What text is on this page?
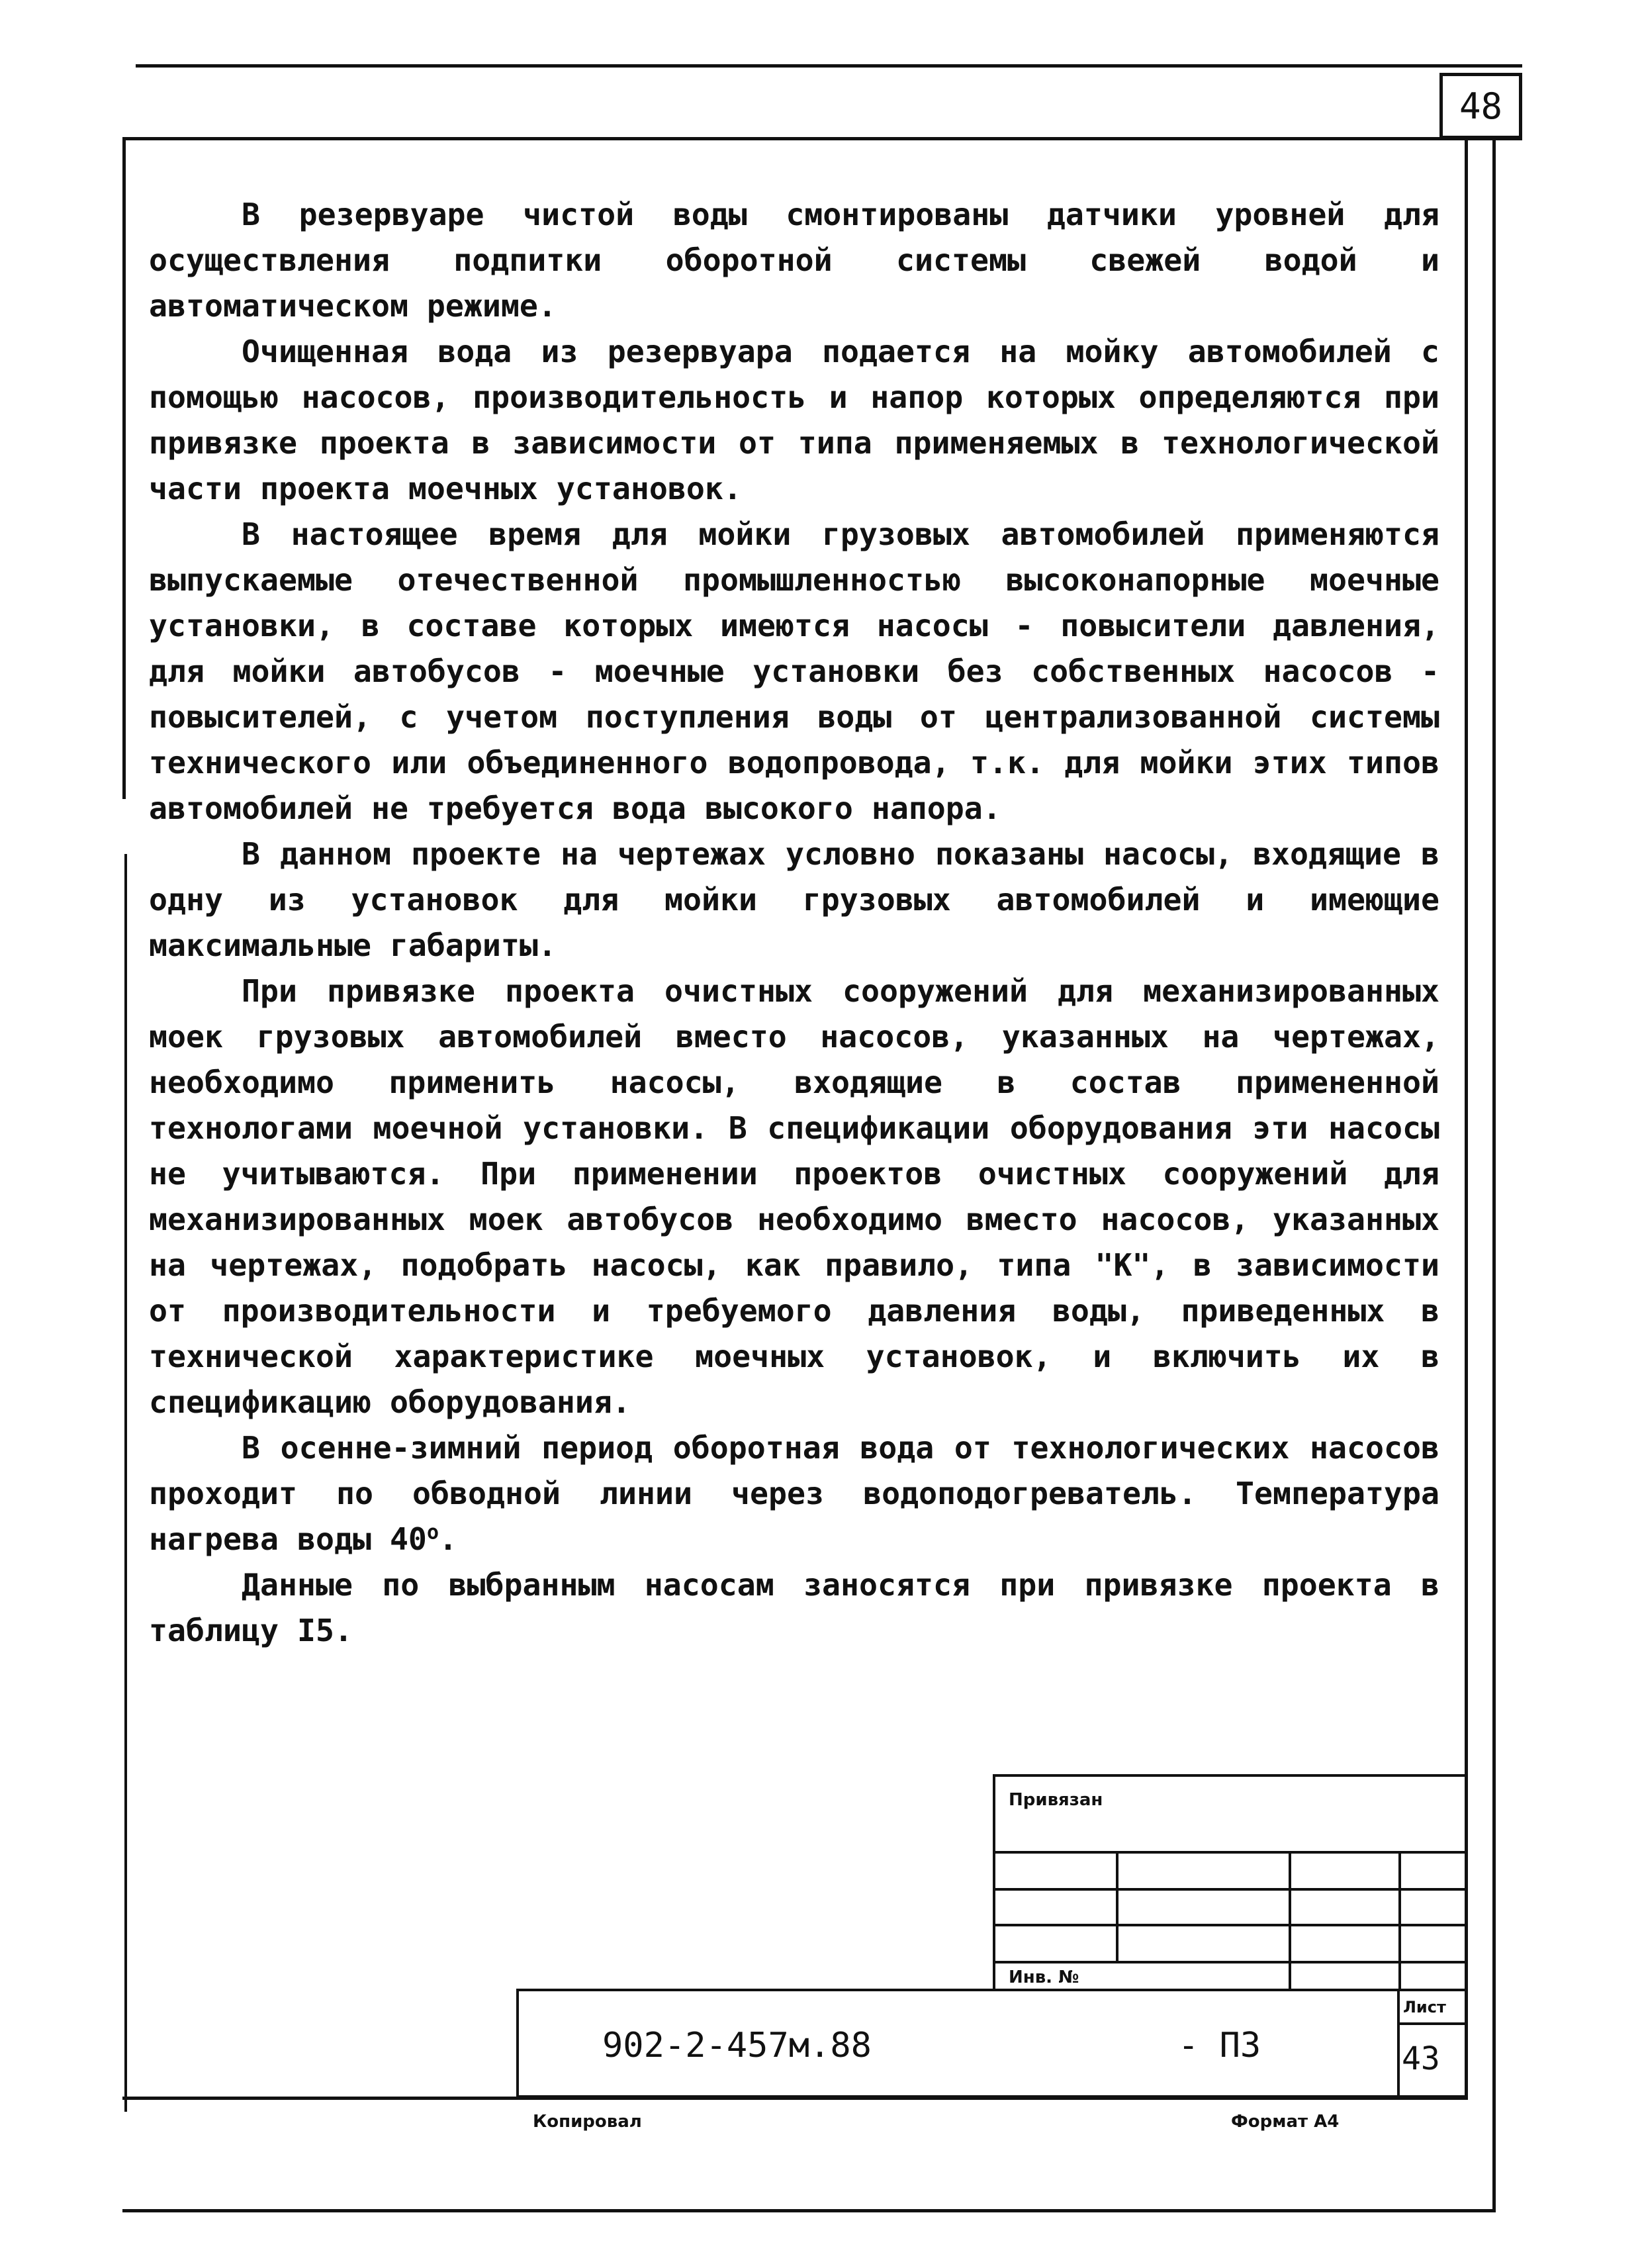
48

В резервуаре чистой воды смонтированы датчики уровней для осуществления подпитки оборотной системы свежей водой и автоматическом режиме.

Очищенная вода из резервуара подается на мойку автомобилей с помощью насосов, производительность и напор которых определяются при привязке проекта в зависимости от типа применяемых в технологической части проекта моечных установок.

В настоящее время для мойки грузовых автомобилей применяются выпускаемые отечественной промышленностью высоконапорные моечные установки, в составе которых имеются насосы - повысители давления, для мойки автобусов - моечные установки без собственных насосов - повысителей, с учетом поступления воды от централизованной системы технического или объединенного водопровода, т.к. для мойки этих типов автомобилей не требуется вода высокого напора.

В данном проекте на чертежах условно показаны насосы, входящие в одну из установок для мойки грузовых автомобилей и имеющие максимальные габариты.

При привязке проекта очистных сооружений для механизированных моек грузовых автомобилей вместо насосов, указанных на чертежах, необходимо применить насосы, входящие в состав примененной технологами моечной установки. В спецификации оборудования эти насосы не учитываются. При применении проектов очистных сооружений для механизированных моек автобусов необходимо вместо насосов, указанных на чертежах, подобрать насосы, как правило, типа "К", в зависимости от производительности и требуемого давления воды, приведенных в технической характеристике моечных установок, и включить их в спецификацию оборудования.

В осенне-зимний период оборотная вода от технологических насосов проходит по обводной линии через водоподогреватель. Температура нагрева воды $40^о$.

Данные по выбранным насосам заносятся при привязке проекта в таблицу I5.

Привязан
Инв. №
902-2-457м.88	- ПЗ
Лист
43
Копировал	Формат А4
